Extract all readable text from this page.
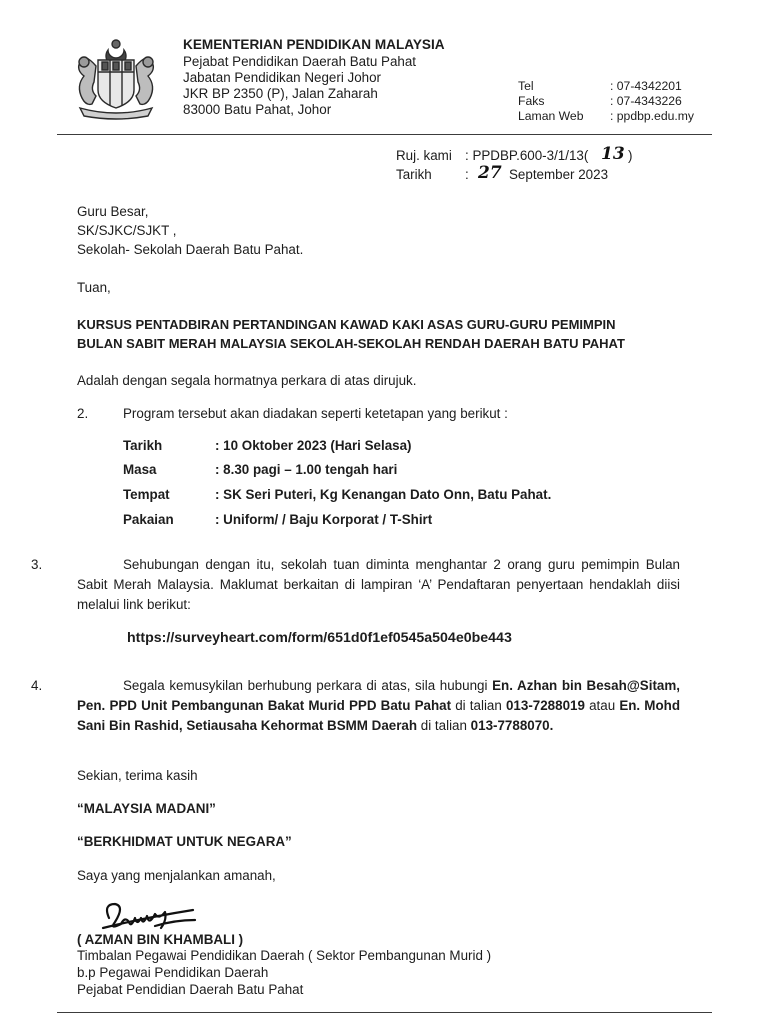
KEMENTERIAN PENDIDIKAN MALAYSIA
Pejabat Pendidikan Daerah Batu Pahat
Jabatan Pendidikan Negeri Johor
JKR BP 2350 (P), Jalan Zaharah
83000 Batu Pahat, Johor
Tel	: 07-4342201
Faks	: 07-4343226
Laman Web : ppdbp.edu.my
Ruj. kami : PPDBP.600-3/1/13( 13 )
Tarikh : 27 September 2023
Guru Besar,
SK/SJKC/SJKT ,
Sekolah- Sekolah Daerah Batu Pahat.
Tuan,
KURSUS PENTADBIRAN PERTANDINGAN KAWAD KAKI ASAS GURU-GURU PEMIMPIN
BULAN SABIT MERAH MALAYSIA SEKOLAH-SEKOLAH RENDAH DAERAH BATU PAHAT
Adalah dengan segala hormatnya perkara di atas dirujuk.
2.	Program tersebut akan diadakan seperti ketetapan yang berikut :
Tarikh	: 10 Oktober 2023 (Hari Selasa)
Masa	: 8.30 pagi – 1.00 tengah hari
Tempat	: SK Seri Puteri, Kg Kenangan Dato Onn, Batu Pahat.
Pakaian	: Uniform/ / Baju Korporat / T-Shirt

3.	Sehubungan dengan itu, sekolah tuan diminta menghantar 2 orang guru pemimpin Bulan Sabit Merah Malaysia. Maklumat berkaitan di lampiran ‘A’ Pendaftaran penyertaan hendaklah diisi melalui link berikut:

https://surveyheart.com/form/651d0f1ef0545a504e0be443

4.	Segala kemusykilan berhubung perkara di atas, sila hubungi En. Azhan bin Besah@Sitam, Pen. PPD Unit Pembangunan Bakat Murid PPD Batu Pahat di talian 013-7288019 atau En. Mohd Sani Bin Rashid, Setiausaha Kehormat BSMM Daerah di talian 013-7788070.

Sekian, terima kasih
“MALAYSIA MADANI”
“BERKHIDMAT UNTUK NEGARA”
Saya yang menjalankan amanah,
( AZMAN BIN KHAMBALI )
Timbalan Pegawai Pendidikan Daerah ( Sektor Pembangunan Murid )
b.p Pegawai Pendidikan Daerah
Pejabat Pendidian Daerah Batu Pahat
